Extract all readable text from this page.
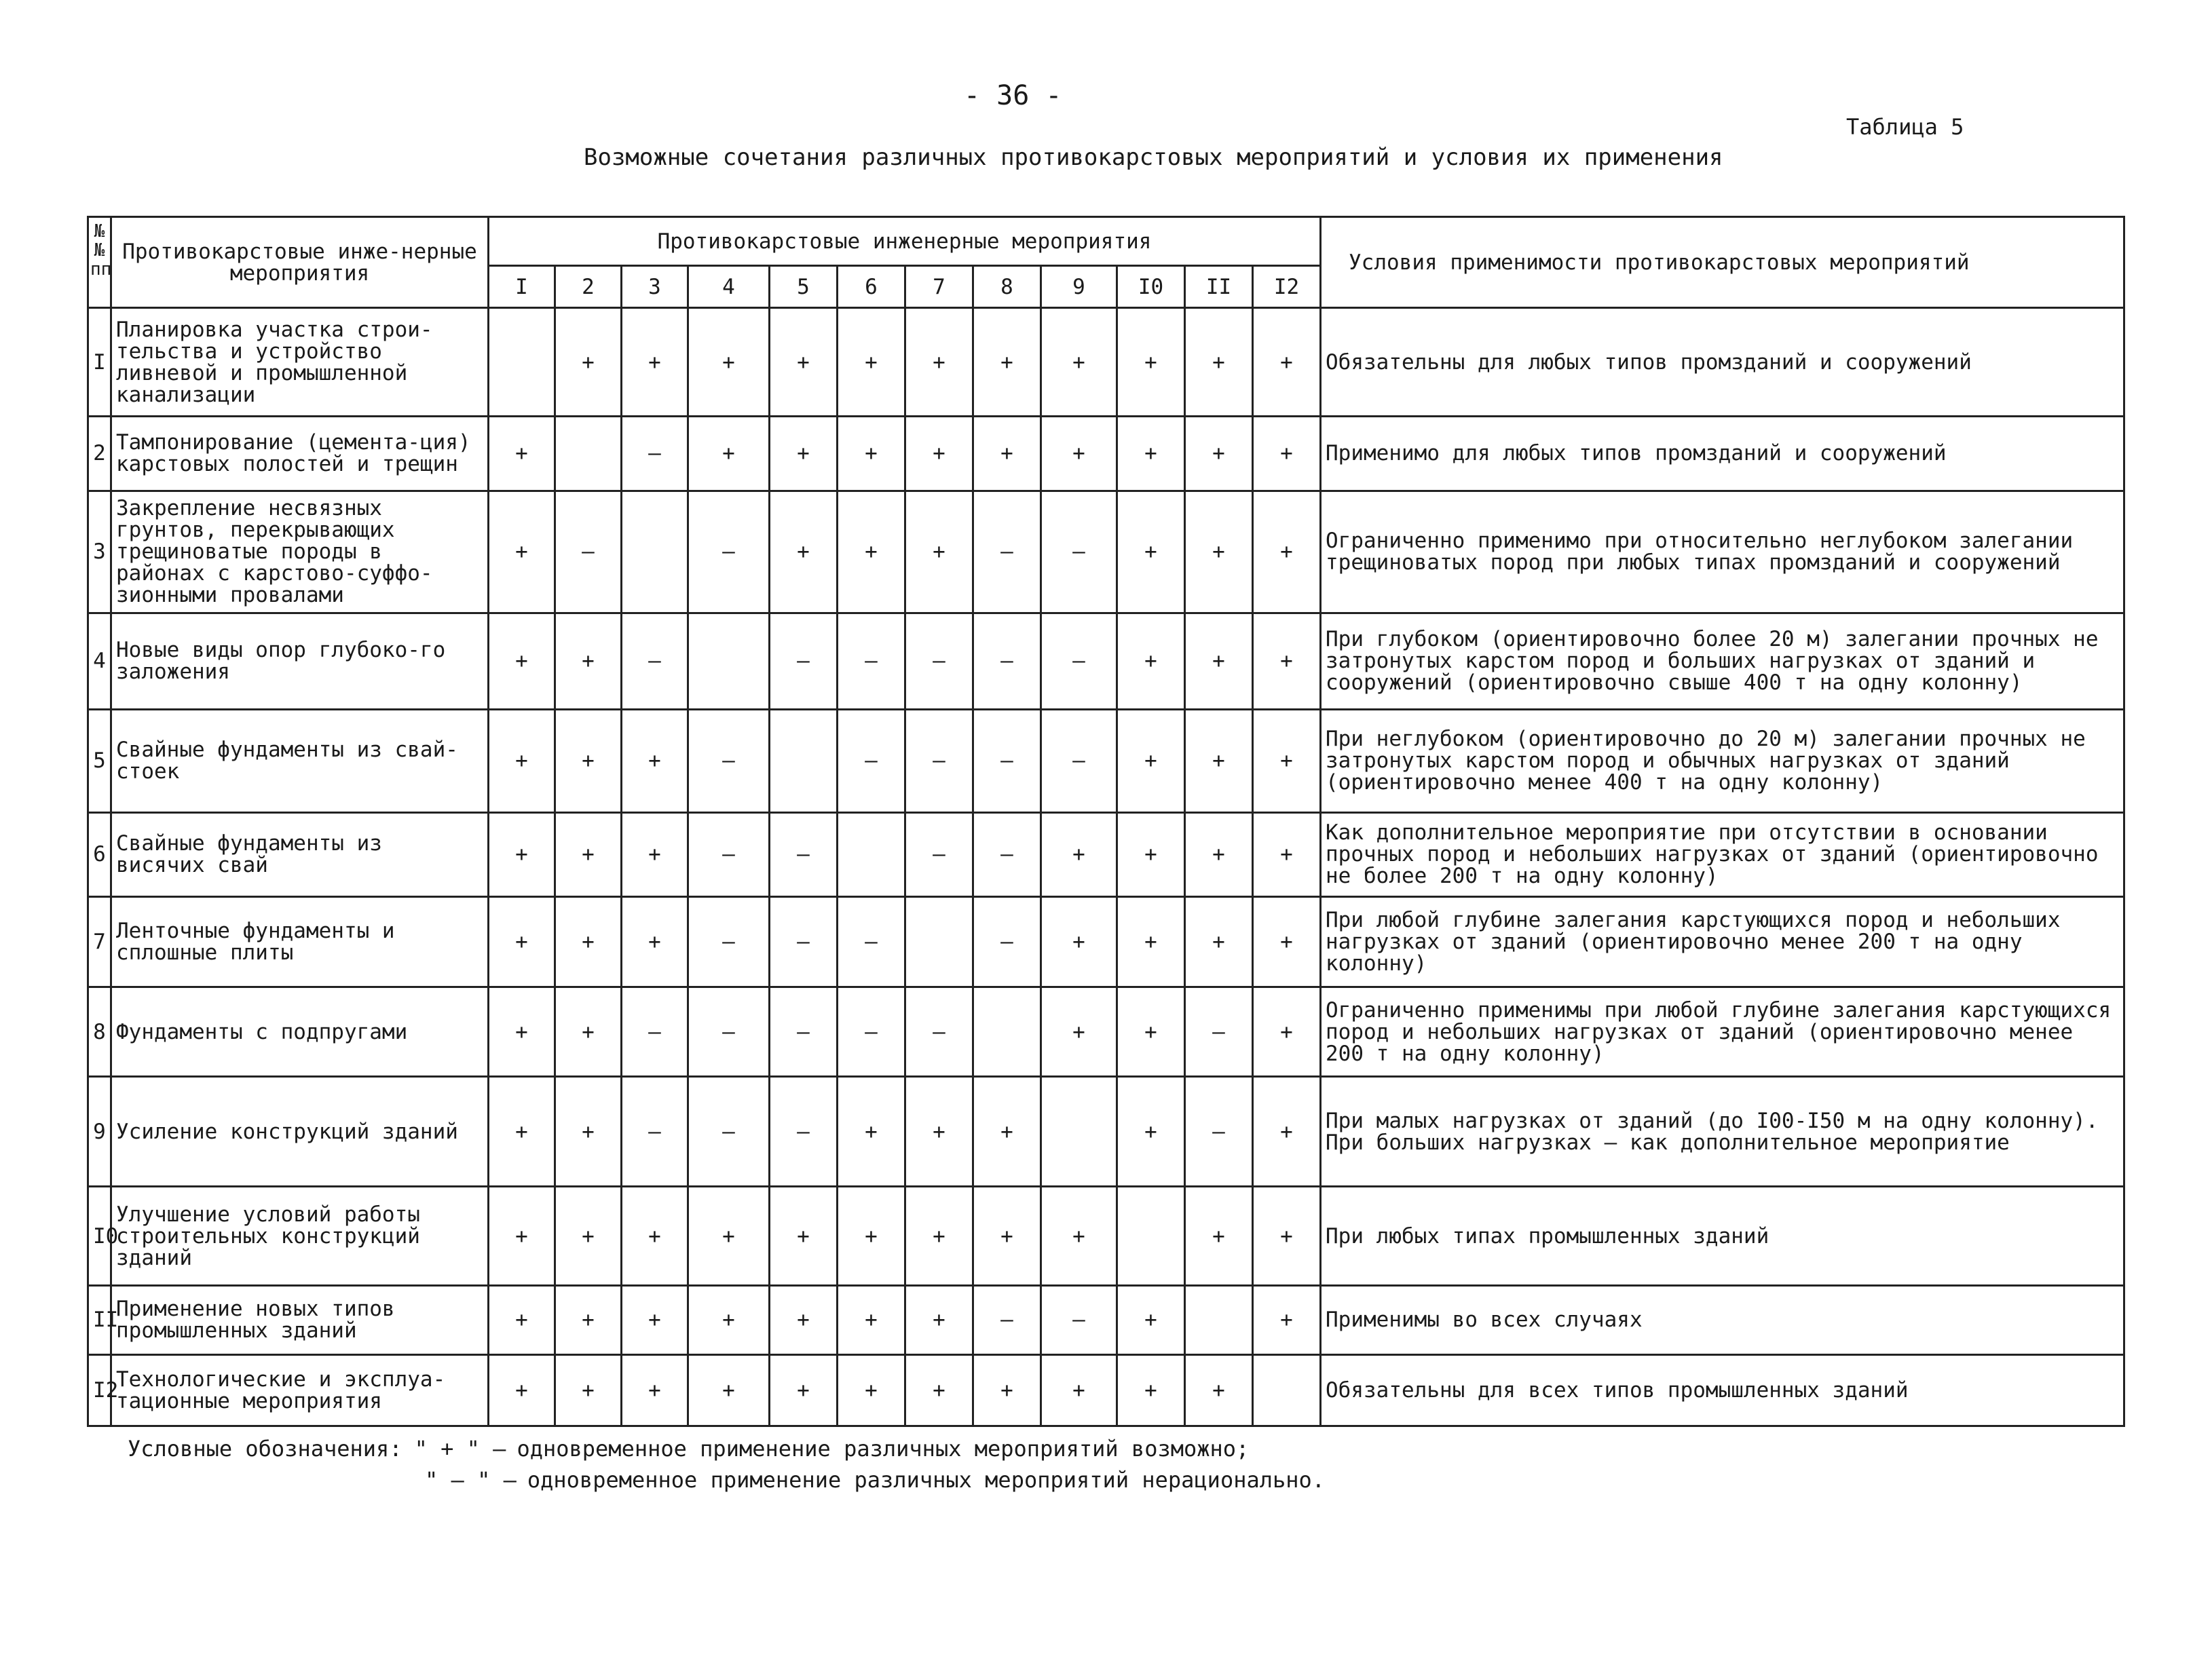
- 36 -
Таблица 5
Возможные сочетания различных противокарстовых мероприятий и условия их применения
№№ пп	Противокарстовые инже-нерные мероприятия	Противокарстовые инженерные мероприятия												Условия применимости противокарстовых мероприятий
		I	2	3	4	5	6	7	8	9	I0	II	I2	
I	Планировка участка строи-тельства и устройство ливневой и промышленной канализации		+	+	+	+	+	+	+	+	+	+	+	Обязательны для любых типов промзданий и сооружений
2	Тампонирование (цемента-ция) карстовых полостей и трещин	+		–	+	+	+	+	+	+	+	+	+	Применимо для любых типов промзданий и сооружений
3	Закрепление несвязных грунтов, перекрывающих трещиноватые породы в районах с карстово-суффо-зионными провалами	+	–		–	+	+	+	–	–	+	+	+	Ограниченно применимо при относительно неглубоком залегании трещиноватых пород при любых типах промзданий и сооружений
4	Новые виды опор глубоко-го заложения	+	+	–		–	–	–	–	–	+	+	+	При глубоком (ориентировочно более 20 м) залегании прочных не затронутых карстом пород и больших нагрузках от зданий и сооружений (ориентировочно свыше 400 т на одну колонну)
5	Свайные фундаменты из свай-стоек	+	+	+	–		–	–	–	–	+	+	+	При неглубоком (ориентировочно до 20 м) залегании прочных не затронутых карстом пород и обычных нагрузках от зданий (ориентировочно менее 400 т на одну колонну)
6	Свайные фундаменты из висячих свай	+	+	+	–	–		–	–	+	+	+	+	Как дополнительное мероприятие при отсутствии в основании прочных пород и небольших нагрузках от зданий (ориентировочно не более 200 т на одну колонну)
7	Ленточные фундаменты и сплошные плиты	+	+	+	–	–	–		–	+	+	+	+	При любой глубине залегания карстующихся пород и небольших нагрузках от зданий (ориентировочно менее 200 т на одну колонну)
8	Фундаменты с подпругами	+	+	–	–	–	–	–		+	+	–	+	Ограниченно применимы при любой глубине залегания карстующихся пород и небольших нагрузках от зданий (ориентировочно менее 200 т на одну колонну)
9	Усиление конструкций зданий	+	+	–	–	–	+	+	+		+	–	+	При малых нагрузках от зданий (до I00-I50 м на одну колонну). При больших нагрузках – как дополнительное мероприятие
I0	Улучшение условий работы строительных конструкций зданий	+	+	+	+	+	+	+	+	+		+	+	При любых типах промышленных зданий
II	Применение новых типов промышленных зданий	+	+	+	+	+	+	+	–	–	+		+	Применимы во всех случаях
I2	Технологические и эксплуа-тационные мероприятия	+	+	+	+	+	+	+	+	+	+	+		Обязательны для всех типов промышленных зданий
Условные обозначения: " + " – одновременное применение различных мероприятий возможно;
" – " – одновременное применение различных мероприятий нерационально.
